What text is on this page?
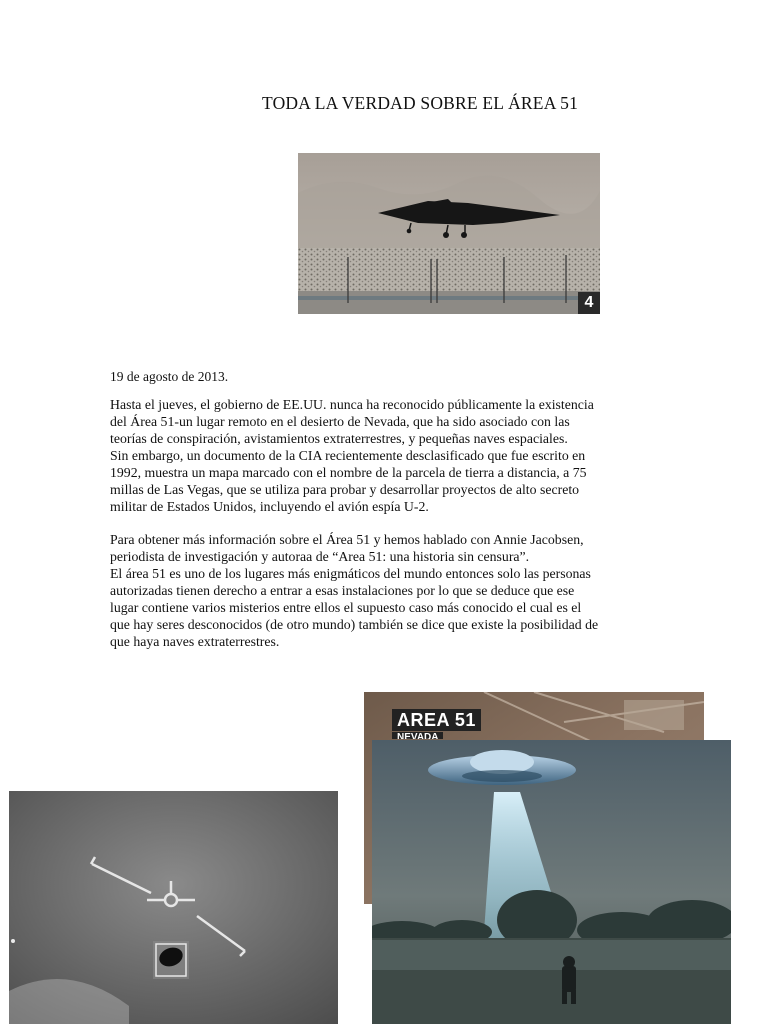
TODA LA VERDAD SOBRE EL ÁREA 51
4
19 de agosto de 2013.
Hasta el jueves, el gobierno de EE.UU. nunca ha reconocido públicamente la existencia
del Área 51-un lugar remoto en el desierto de Nevada, que ha sido asociado con las
teorías de conspiración, avistamientos extraterrestres, y pequeñas naves espaciales.
Sin embargo, un documento de la CIA recientemente desclasificado que fue escrito en
1992, muestra un mapa marcado con el nombre de la parcela de tierra a distancia, a 75
millas de Las Vegas, que se utiliza para probar y desarrollar proyectos de alto secreto
militar de Estados Unidos, incluyendo el avión espía U-2.
Para obtener más información sobre el Área 51 y hemos hablado con Annie Jacobsen,
periodista de investigación y autoraa de “Area 51: una historia sin censura”.
El área 51 es uno de los lugares más enigmáticos del mundo entonces solo las personas
autorizadas tienen derecho a entrar a esas instalaciones por lo que se deduce que ese
lugar contiene varios misterios entre ellos el supuesto caso más conocido el cual es el
que hay seres desconocidos (de otro mundo) también se dice que existe la posibilidad de
que haya naves extraterrestres.
AREA 51
NEVADA
